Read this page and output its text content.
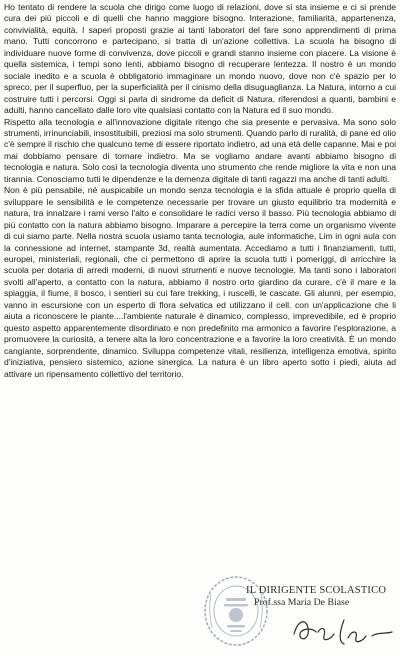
Ho tentato di rendere la scuola che dirigo come luogo di relazioni, dove si sta insieme e ci si prende cura dei più piccoli e di quelli che hanno maggiore bisogno. Interazione, familiarità, appartenenza, convivialità, equità. I saperi proposti grazie ai tanti laboratori del fare sono apprendimenti di prima mano. Tutti concorrono e partecipano, si tratta di un'azione collettiva. La scuola ha bisogno di individuare nuove forme di convivenza, dove piccoli e grandi stanno insieme con piacere. La visione è quella sistemica, i tempi sono lenti, abbiamo bisogno di recuperare lentezza. Il nostro è un mondo sociale inedito e a scuola è obbligatorio immaginare un mondo nuovo, dove non c'è spazio per lo spreco, per il superfluo, per la superficialità per il cinismo della disuguaglianza. La Natura, intorno a cui costruire tutti i percorsi. Oggi si parla di sindrome da deficit di Natura, riferendosi a quanti, bambini e adulti, hanno cancellato dalle loro vite qualsiasi contatto con la Natura ed il suo mondo.

Rispetto alla tecnologia e all'innovazione digitale ritengo che sia presente e pervasiva. Ma sono solo strumenti, irrinunciabili, insostituibili, preziosi ma solo strumenti. Quando parlo di ruralità, di pane ed olio c'è sempre il rischio che qualcuno teme di essere riportato indietro, ad una età delle capanne. Mai e poi mai dobbiamo pensare di tornare indietro. Ma se vogliamo andare avanti abbiamo bisogno di tecnologia e natura. Solo così la tecnologia diventa uno strumento che rende migliore la vita e non una tirannia. Conosciamo tutti le dipendenze e la demenza digitale di tanti ragazzi ma anche di tanti adulti.

Non è più pensabile, né auspicabile un mondo senza tecnologia e la sfida attuale è proprio quella di sviluppare le sensibilità e le competenze necessarie per trovare un giusto equilibrio tra modernità e natura, tra innalzare i rami verso l'alto e consolidare le radici verso il basso. Più tecnologia abbiamo di più contatto con la natura abbiamo bisogno. Imparare a percepire la terra come un organismo vivente di cui siamo parte. Nella nostra scuola usiamo tanta tecnologia, aule informatiche, Lim in ogni aula con la connessione ad internet, stampante 3d, realtà aumentata. Accediamo a tutti i finanziamenti, tutti, europei, ministeriali, regionali, che ci permettono di aprire la scuola tutti i pomeriggi, di arricchire la scuola per dotaria di arredi moderni, di nuovi strumenti e nuove tecnologie. Ma tanti sono i laboratori svolti all'aperto, a contatto con la natura, abbiamo il nostro orto giardino da curare, c'è il mare e la spiaggia, il fiume, il bosco, i sentieri su cui fare trekking, i ruscelli, le cascate. Gli alunni, per esempio, vanno in escursione con un esperto di flora selvatica ed utilizzano il cell. con un'applicazione che li aiuta a riconoscere le piante....l'ambiente naturale è dinamico, complesso, imprevedibile, ed è proprio questo aspetto apparentemente disordinato e non predefinito ma armonico a favorire l'esplorazione, a promuovere la curiosità, a tenere alta la loro concentrazione e a favorire la loro creatività. È un mondo cangiante, sorprendente, dinamico. Sviluppa competenze vitali, resilienza, intelligenza emotiva, spirito d'iniziativa, pensiero sistemico, azione sinergica. La natura è un libro aperto sotto i piedi, aiuta ad attivare un ripensamento collettivo del territorio.

IL DIRIGENTE SCOLASTICO
Prof.ssa Maria De Biase
